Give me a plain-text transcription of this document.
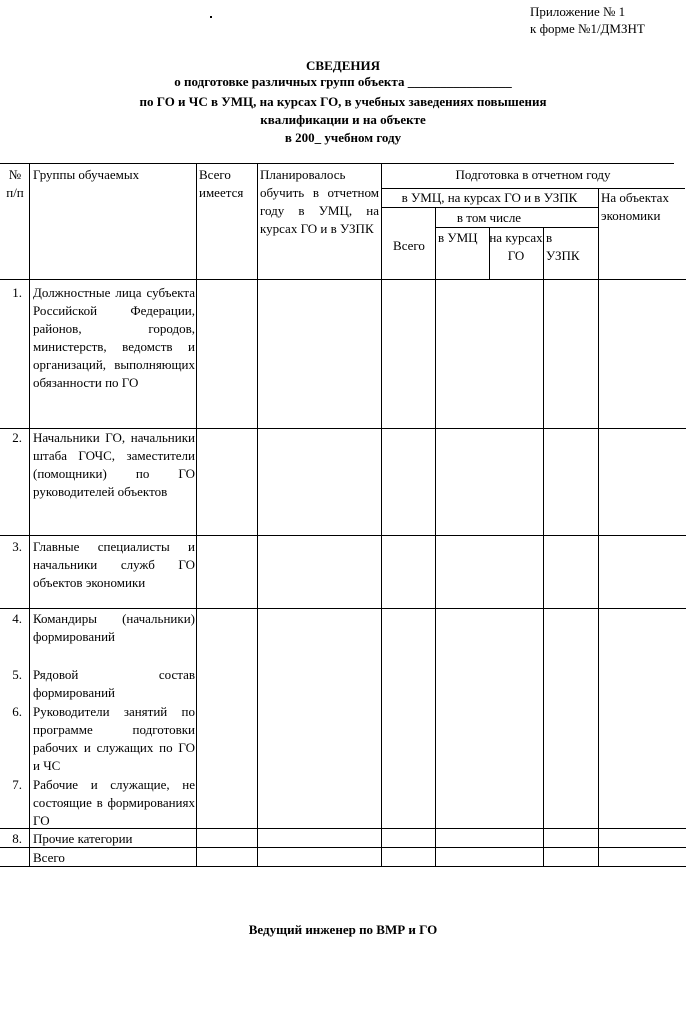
Приложение № 1
к форме №1/ДМЗНТ
СВЕДЕНИЯ
о подготовке различных групп объекта ________________
по ГО и ЧС в УМЦ, на курсах ГО, в учебных заведениях повышения
квалификации и на объекте
в 200_ учебном году
№ п/п
Группы обучаемых	Всего имеется
Планировалось обучить в отчетном году в УМЦ, на курсах ГО и в УЗПК
Подготовка в отчетном году
в УМЦ, на курсах ГО и в УЗПК	На объектах экономики
Всего
в том числе
в УМЦ на курсах ГО
в УЗПК
1. Должностные лица субъекта Российской Федерации, районов, городов, министерств, ведомств и организаций, выполняющих обязанности по ГО
2. Начальники ГО, начальники штаба ГОЧС, заместители (помощники) по ГО руководителей объектов
3. Главные специалисты и начальники служб ГО объектов экономики
4. Командиры (начальники) формирований
5. Рядовой состав формирований
6. Руководители занятий по программе подготовки рабочих и служащих по ГО и ЧС
7. Рабочие и служащие, не состоящие в формированиях ГО
8. Прочие категории
Всего
Ведущий инженер по ВМР и ГО
